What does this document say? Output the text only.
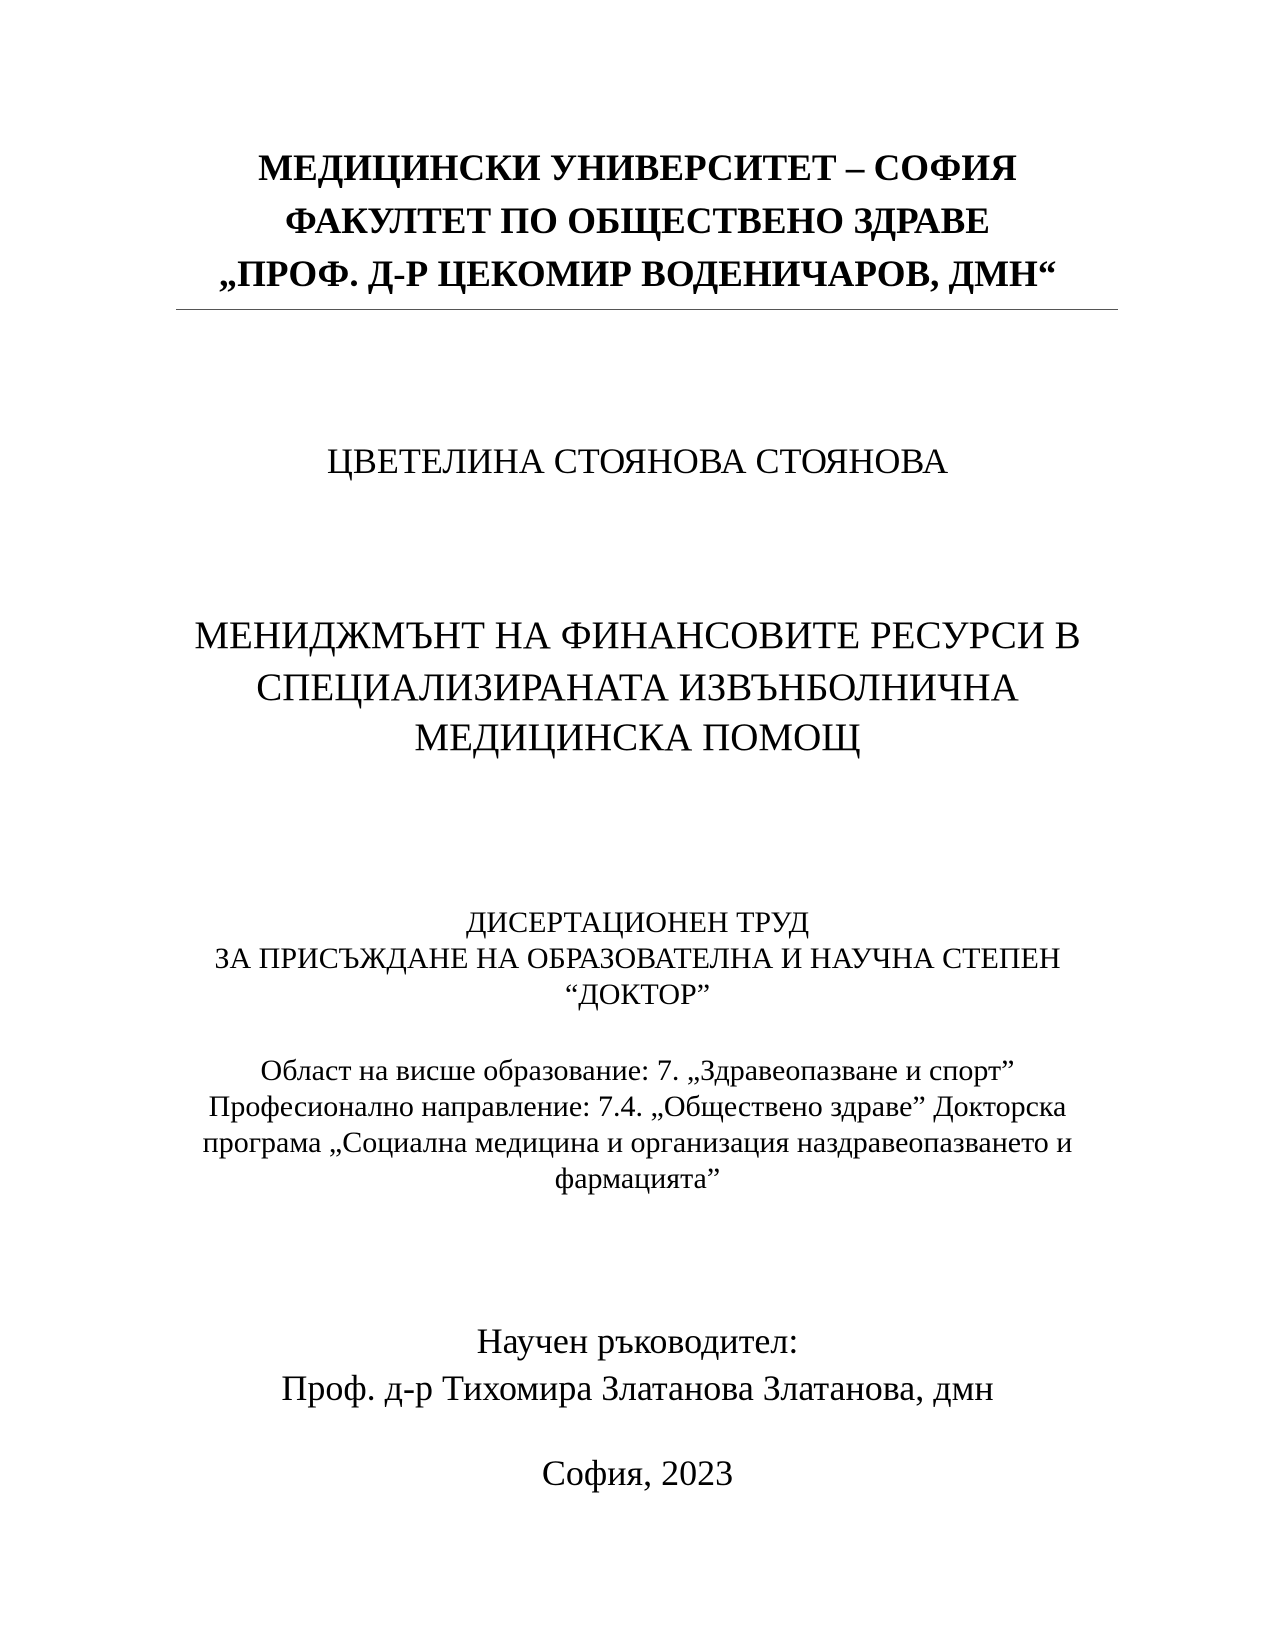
МЕДИЦИНСКИ УНИВЕРСИТЕТ – СОФИЯ
ФАКУЛТЕТ ПО ОБЩЕСТВЕНО ЗДРАВЕ
„ПРОФ. Д-Р ЦЕКОМИР ВОДЕНИЧАРОВ, ДМН“
ЦВЕТЕЛИНА СТОЯНОВА СТОЯНОВА
МЕНИДЖМЪНТ НА ФИНАНСОВИТЕ РЕСУРСИ В
СПЕЦИАЛИЗИРАНАТА ИЗВЪНБОЛНИЧНА
МЕДИЦИНСКА ПОМОЩ
ДИСЕРТАЦИОНЕН ТРУД
ЗА ПРИСЪЖДАНЕ НА ОБРАЗОВАТЕЛНА И НАУЧНА СТЕПЕН
“ДОКТОР”
Област на висше образование: 7. „Здравеопазване и спорт”
Професионално направление: 7.4. „Обществено здраве” Докторска
програма „Социална медицина и организация наздравеопазването и
фармацията”
Научен ръководител:
Проф. д-р Тихомира Златанова Златанова, дмн
София, 2023
